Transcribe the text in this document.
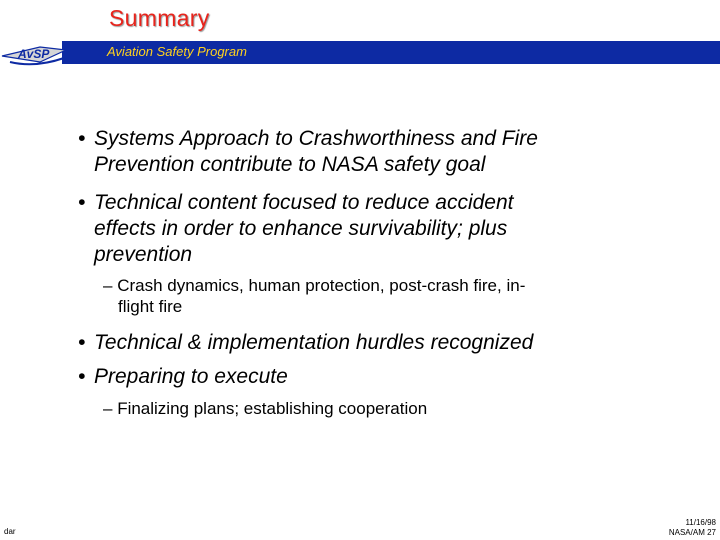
Summary
Aviation Safety Program
AvSP
• Systems Approach to Crashworthiness and Fire
Prevention contribute to NASA safety goal
• Technical content focused to reduce accident
effects in order to enhance survivability; plus
prevention
– Crash dynamics, human protection, post-crash fire, in-
flight fire
• Technical & implementation hurdles recognized
• Preparing to execute
– Finalizing plans; establishing cooperation
dar
11/16/98
NASA/AM 27
